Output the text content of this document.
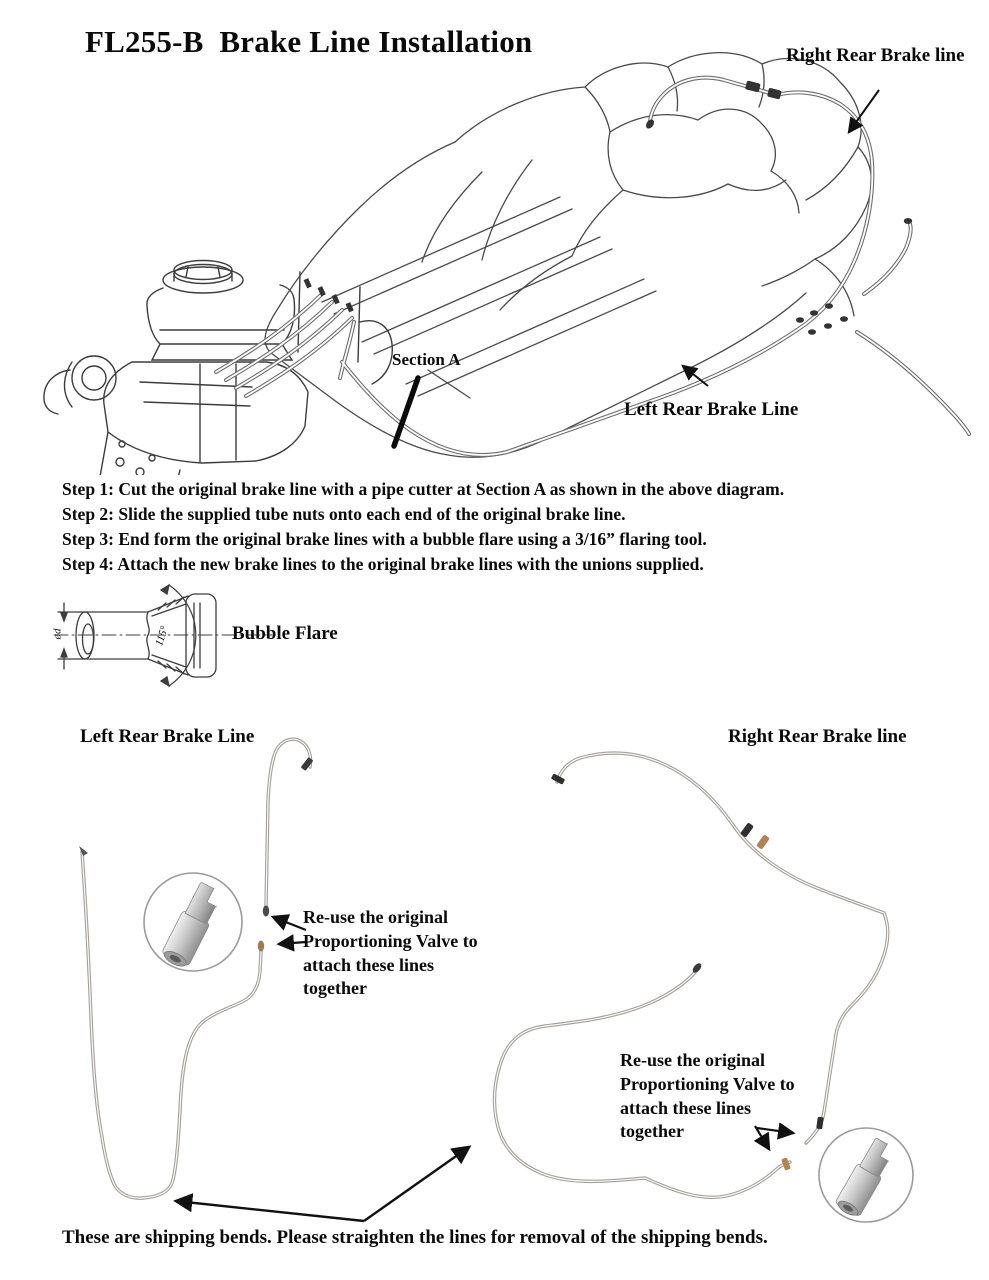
FL255-B  Brake Line Installation	Right Rear Brake line
Section A
Left Rear Brake Line
Step 1: Cut the original brake line with a pipe cutter at Section A as shown in the above diagram.
Step 2: Slide the supplied tube nuts onto each end of the original brake line.
Step 3: End form the original brake lines with a bubble flare using a 3/16” flaring tool.
Step 4: Attach the new brake lines to the original brake lines with the unions supplied.
ød	115°	Bubble Flare
Left Rear Brake Line	Right Rear Brake line
Re-use the original Proportioning Valve to attach these lines together
Re-use the original Proportioning Valve to attach these lines together
These are shipping bends. Please straighten the lines for removal of the shipping bends.
